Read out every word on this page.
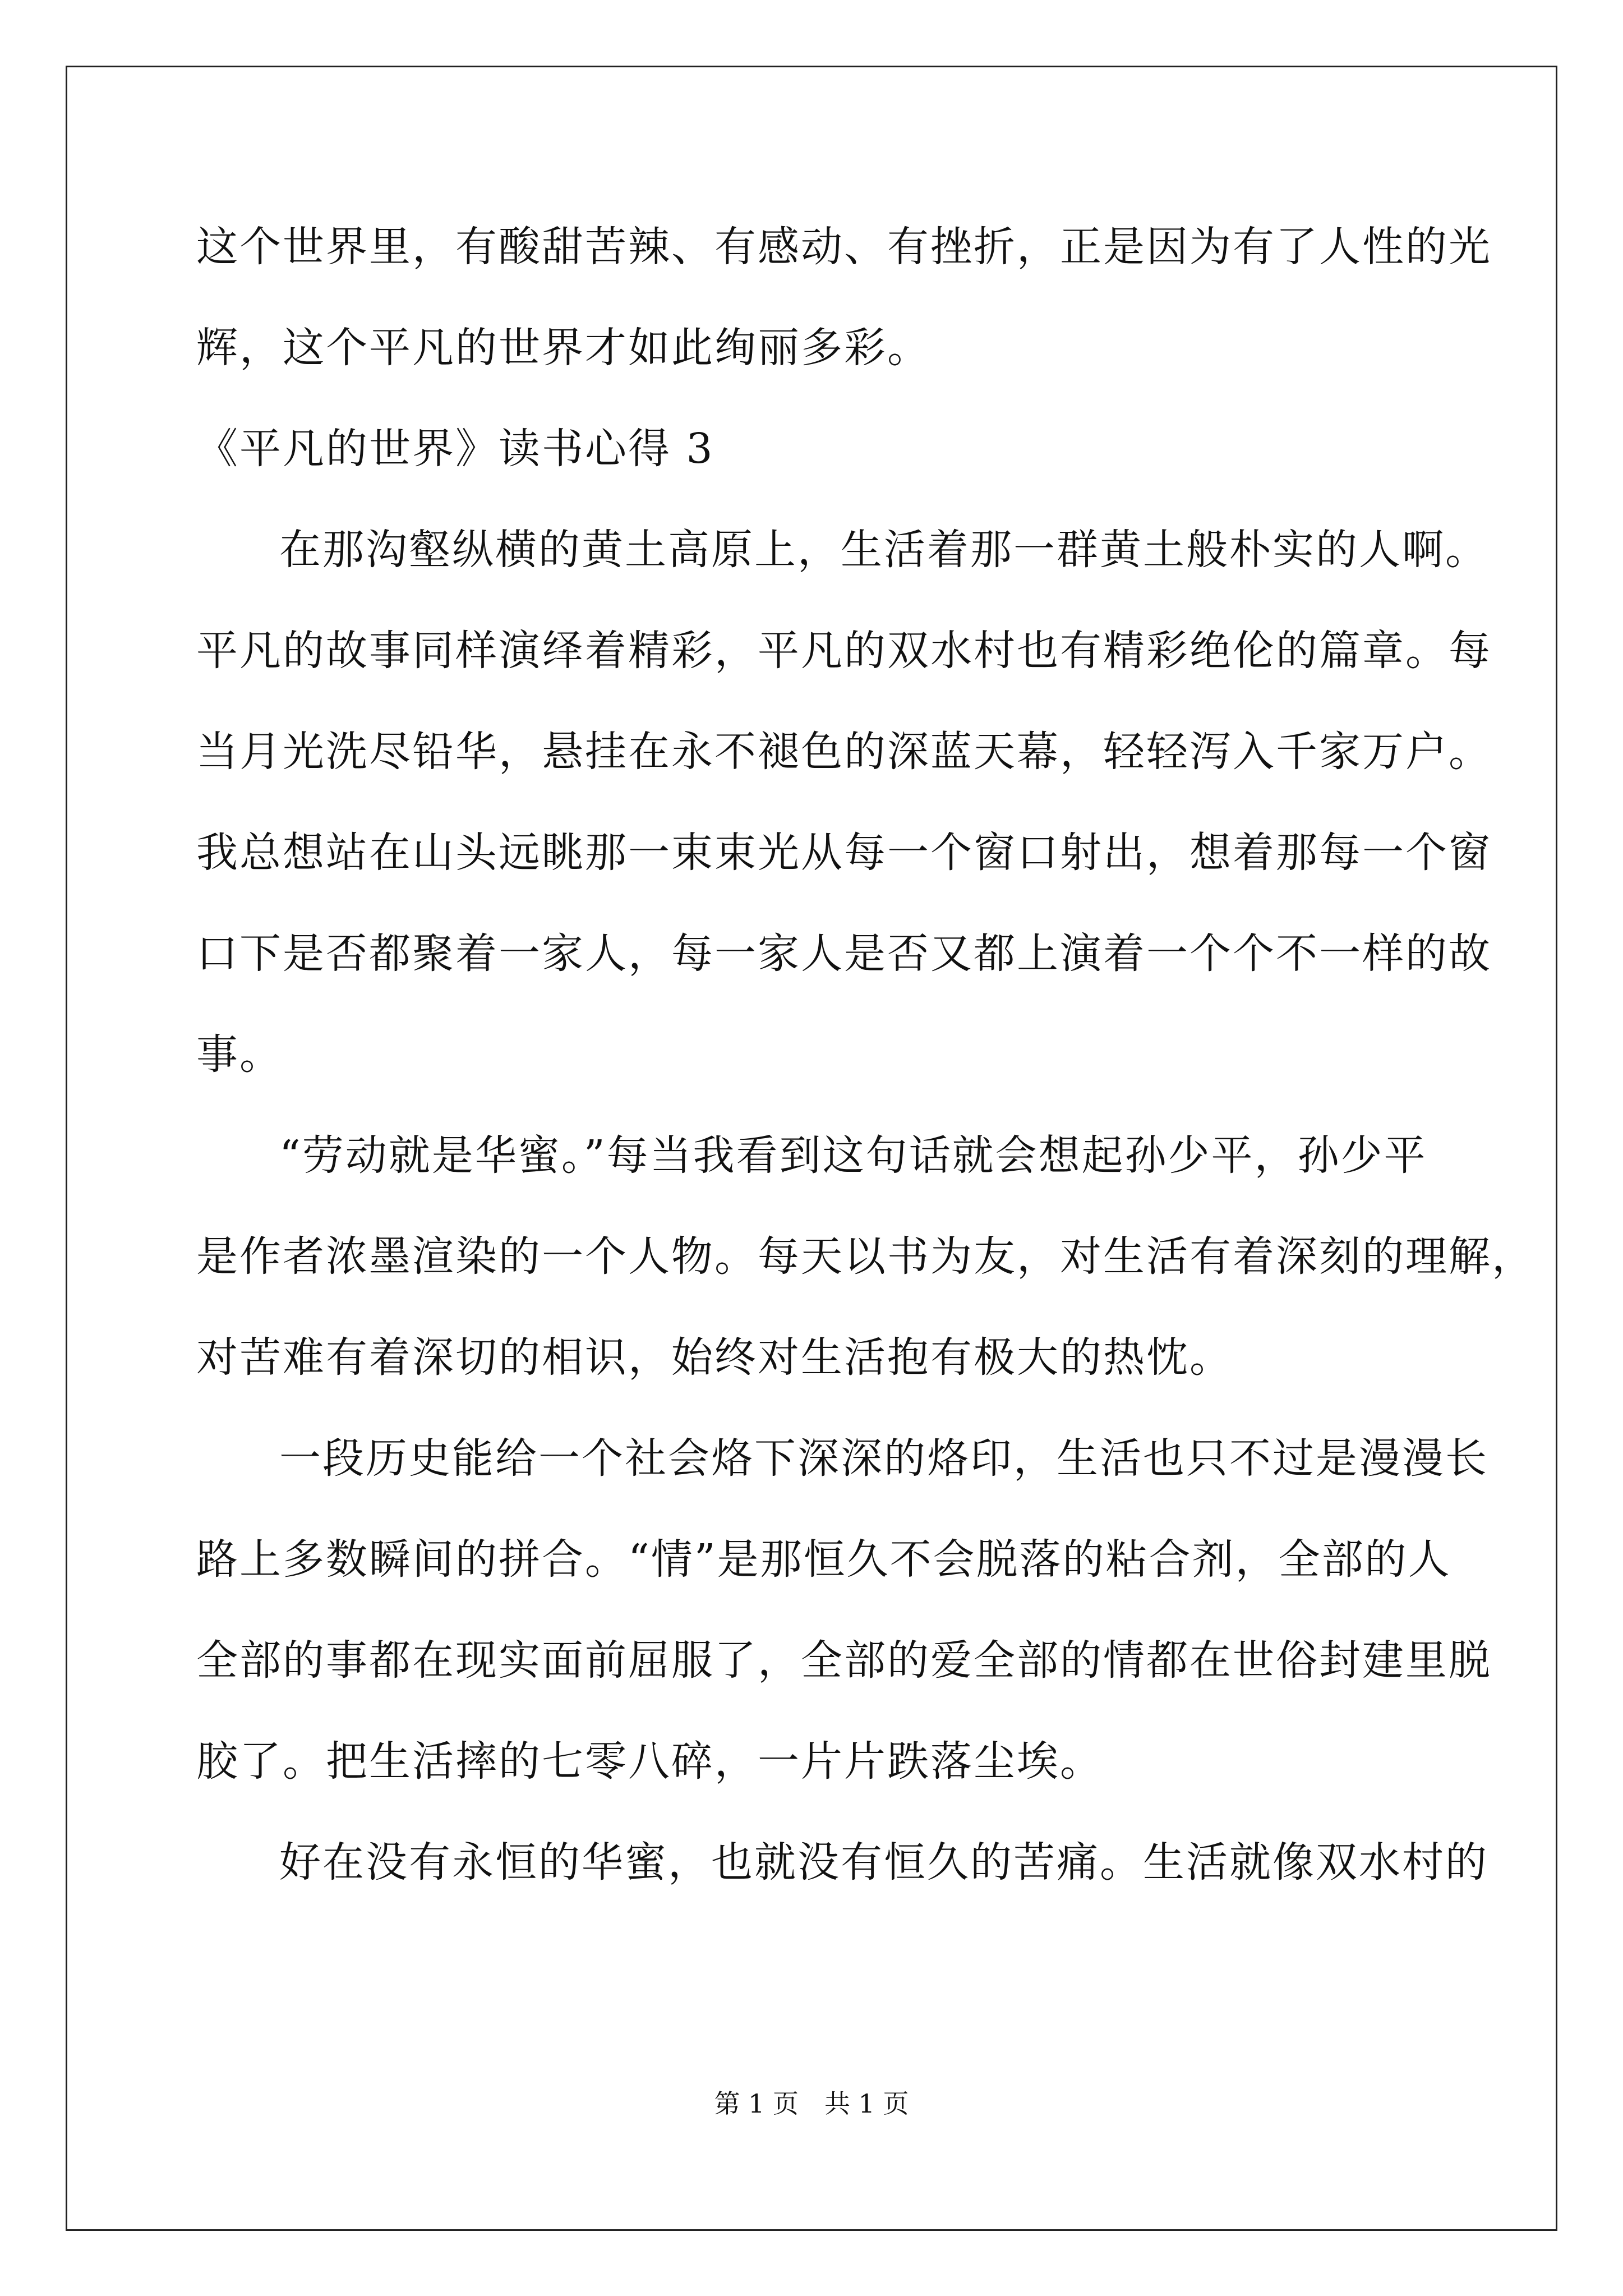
这个世界里，有酸甜苦辣、有感动、有挫折，正是因为有了人性的光
辉，这个平凡的世界才如此绚丽多彩。
《平凡的世界》读书心得 3
在那沟壑纵横的黄土高原上，生活着那一群黄土般朴实的人啊。
平凡的故事同样演绎着精彩，平凡的双水村也有精彩绝伦的篇章。每
当月光洗尽铅华，悬挂在永不褪色的深蓝天幕，轻轻泻入千家万户。
我总想站在山头远眺那一束束光从每一个窗口射出，想着那每一个窗
口下是否都聚着一家人，每一家人是否又都上演着一个个不一样的故
事。
“劳动就是华蜜。”每当我看到这句话就会想起孙少平，孙少平
是作者浓墨渲染的一个人物。每天以书为友，对生活有着深刻的理解，
对苦难有着深切的相识，始终对生活抱有极大的热忱。
一段历史能给一个社会烙下深深的烙印，生活也只不过是漫漫长
路上多数瞬间的拼合。“情”是那恒久不会脱落的粘合剂，全部的人
全部的事都在现实面前屈服了，全部的爱全部的情都在世俗封建里脱
胶了。把生活摔的七零八碎，一片片跌落尘埃。
好在没有永恒的华蜜，也就没有恒久的苦痛。生活就像双水村的
第 1 页　共 1 页
